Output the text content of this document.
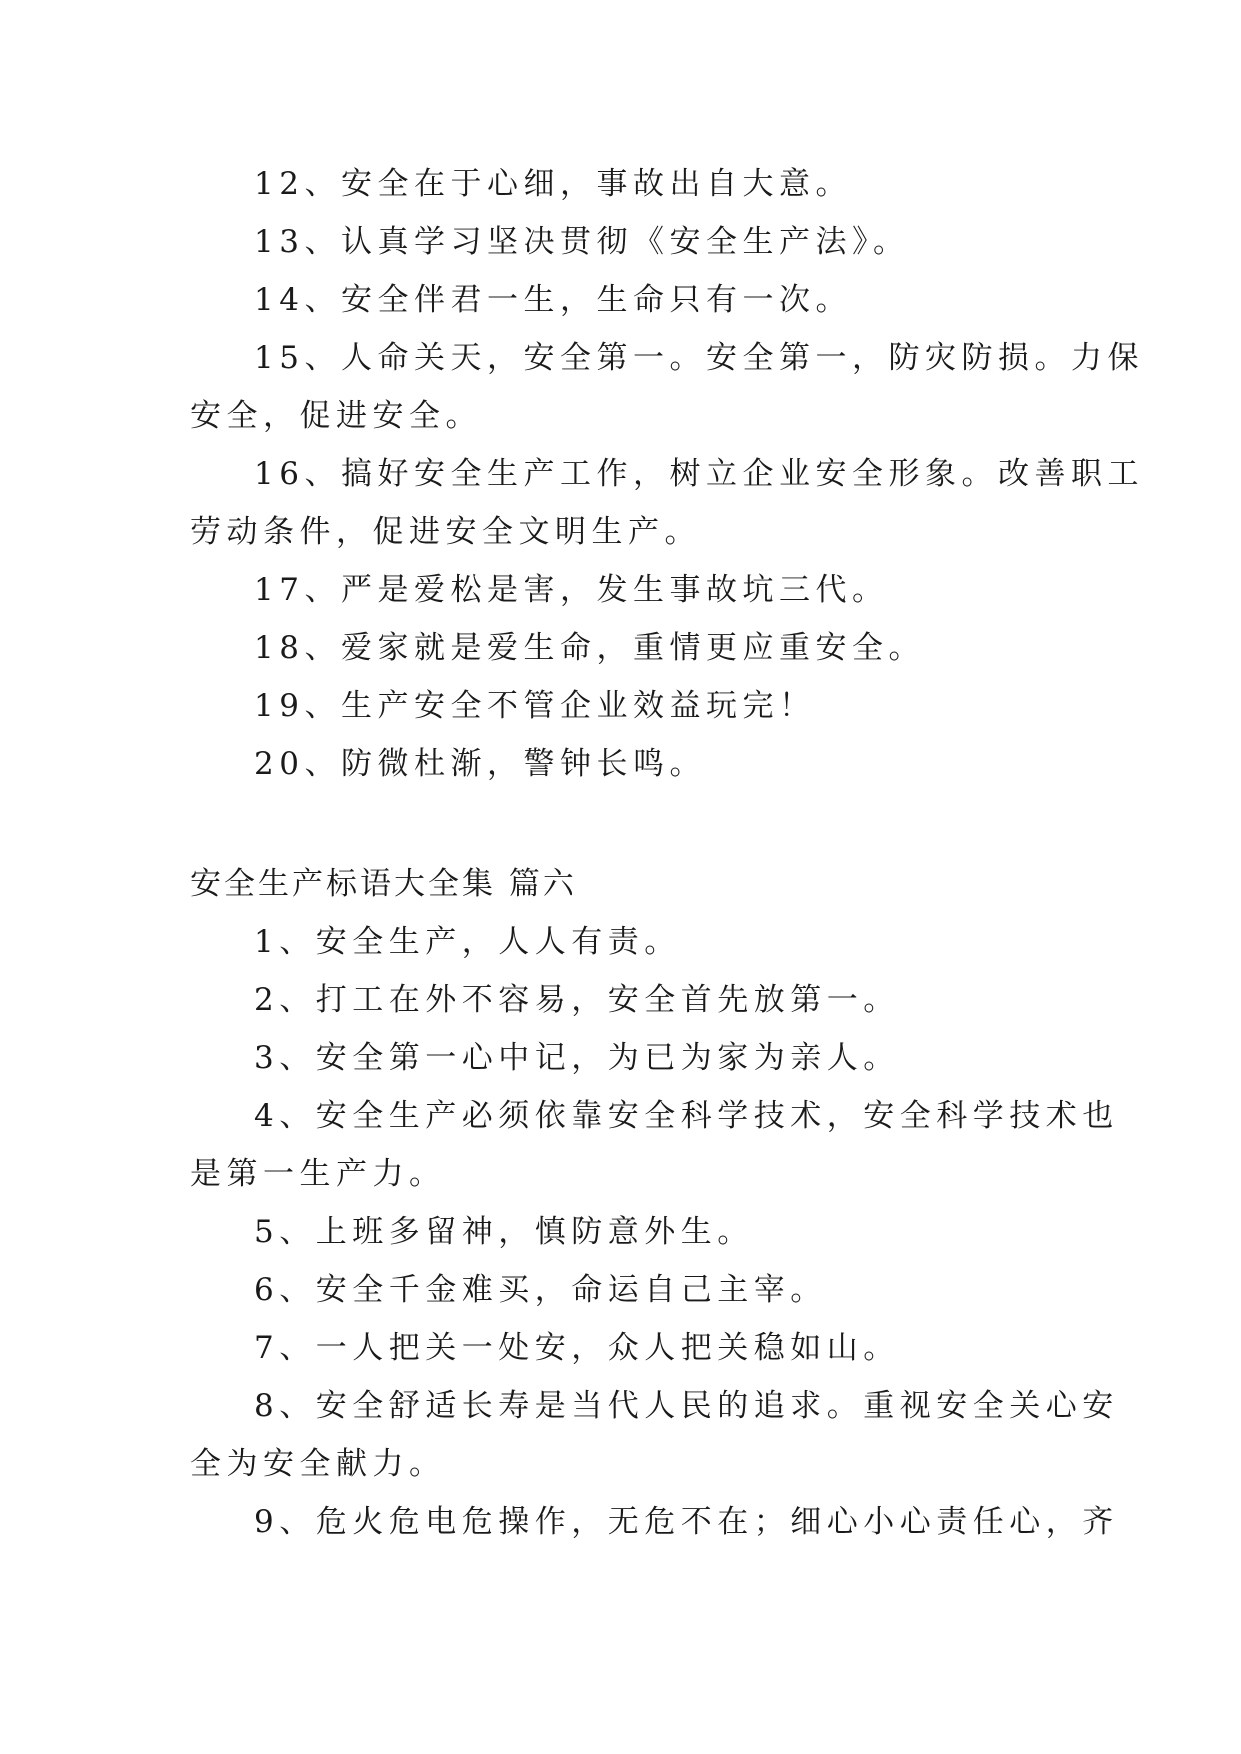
12、安全在于心细，事故出自大意。
13、认真学习坚决贯彻《安全生产法》。
14、安全伴君一生，生命只有一次。
15、人命关天，安全第一。安全第一，防灾防损。力保
安全，促进安全。
16、搞好安全生产工作，树立企业安全形象。改善职工
劳动条件，促进安全文明生产。
17、严是爱松是害，发生事故坑三代。
18、爱家就是爱生命，重情更应重安全。
19、生产安全不管企业效益玩完！
20、防微杜渐，警钟长鸣。
安全生产标语大全集 篇六
1、安全生产，人人有责。
2、打工在外不容易，安全首先放第一。
3、安全第一心中记，为已为家为亲人。
4、安全生产必须依靠安全科学技术，安全科学技术也
是第一生产力。
5、上班多留神，慎防意外生。
6、安全千金难买，命运自己主宰。
7、一人把关一处安，众人把关稳如山。
8、安全舒适长寿是当代人民的追求。重视安全关心安
全为安全献力。
9、危火危电危操作，无危不在；细心小心责任心，齐
